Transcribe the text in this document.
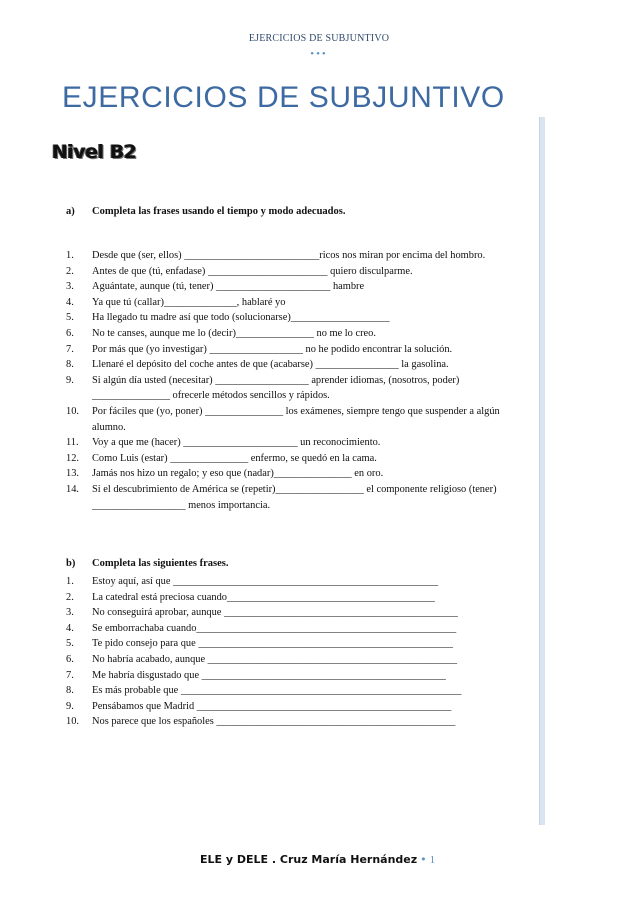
EJERCICIOS DE SUBJUNTIVO
•••
EJERCICIOS DE SUBJUNTIVO
Nivel B2
a) Completa las frases usando el tiempo y modo adecuados.
1. Desde que (ser, ellos) __________________________ricos nos miran por encima del hombro.
2. Antes de que (tú, enfadase) _______________________ quiero disculparme.
3. Aguántate, aunque (tú, tener) ______________________ hambre
4. Ya que tú (callar)______________, hablaré yo
5. Ha llegado tu madre así que todo (solucionarse)___________________
6. No te canses, aunque me lo (decir)_______________ no me lo creo.
7. Por más que (yo investigar) __________________ no he podido encontrar la solución.
8. Llenaré el depósito del coche antes de que (acabarse) ________________ la gasolina.
9. Si algún día usted (necesitar) __________________ aprender idiomas, (nosotros, poder) _______________ ofrecerle métodos sencillos y rápidos.
10. Por fáciles que (yo, poner) _______________ los exámenes, siempre tengo que suspender a algún alumno.
11. Voy a que me (hacer) ______________________ un reconocimiento.
12. Como Luis (estar) _______________ enfermo, se quedó en la cama.
13. Jamás nos hizo un regalo; y eso que (nadar)_______________ en oro.
14. Si el descubrimiento de América se (repetir)_________________ el componente religioso (tener) __________________ menos importancia.
b) Completa las siguientes frases.
1. Estoy aquí, así que ___________________________________________________
2. La catedral está preciosa cuando________________________________________
3. No conseguirá aprobar, aunque _____________________________________________
4. Se emborrachaba cuando__________________________________________________
5. Te pido consejo para que _________________________________________________
6. No habría acabado, aunque ________________________________________________
7. Me habría disgustado que _______________________________________________
8. Es más probable que ______________________________________________________
9. Pensábamos que Madrid _________________________________________________
10. Nos parece que los españoles ______________________________________________
ELE y DELE . Cruz María Hernández • 1
